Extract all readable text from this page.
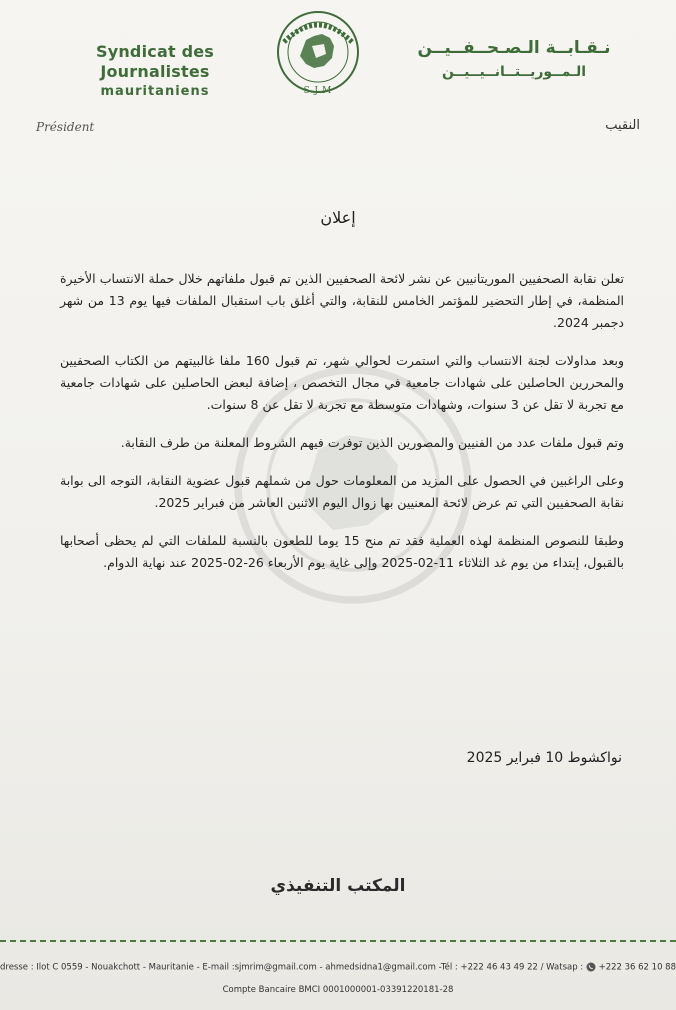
Syndicat des Journalistes
mauritaniens	S.J.M
نـقـابــة الـصـحــفــيــن
الـمــوريــتــانــيــيــن
Président	النقيب
إعلان

تعلن نقابة الصحفيين الموريتانيين عن نشر لائحة الصحفيين الذين تم قبول ملفاتهم خلال حملة الانتساب الأخيرة المنظمة، في إطار التحضير للمؤتمر الخامس للنقابة، والتي أغلق باب استقبال الملفات فيها يوم 13 من شهر دجمبر 2024.

وبعد مداولات لجنة الانتساب والتي استمرت لحوالي شهر، تم قبول 160 ملفا غالبيتهم من الكتاب الصحفيين والمحررين الحاصلين على شهادات جامعية في مجال التخصص ، إضافة لبعض الحاصلين على شهادات جامعية مع تجربة لا تقل عن 3 سنوات، وشهادات متوسطة مع تجربة لا تقل عن 8 سنوات.

وتم قبول ملفات عدد من الفنيين والمصورين الذين توفرت فيهم الشروط المعلنة من طرف النقابة.

وعلى الراغبين في الحصول على المزيد من المعلومات حول من شملهم قبول عضوية النقابة، التوجه الى بوابة نقابة الصحفيين التي تم عرض لائحة المعنيين بها زوال اليوم الاثنين العاشر من فبراير 2025.

وطبقا للنصوص المنظمة لهذه العملية فقد تم منح 15 يوما للطعون بالنسبة للملفات التي لم يحظى أصحابها بالقبول، إبتداء من يوم غد الثلاثاء 11-02-2025 وإلى غاية يوم الأربعاء 26-02-2025 عند نهاية الدوام.

نواكشوط 10 فبراير 2025
المكتب التنفيذي
dresse : Ilot C 0559 - Nouakchott - Mauritanie - E-mail :sjmrim@gmail.com - ahmedsidna1@gmail.com -Tél : +222 46 43 49 22 / Watsap : +222 36 62 10 88
Compte Bancaire BMCI 0001000001-03391220181-28
